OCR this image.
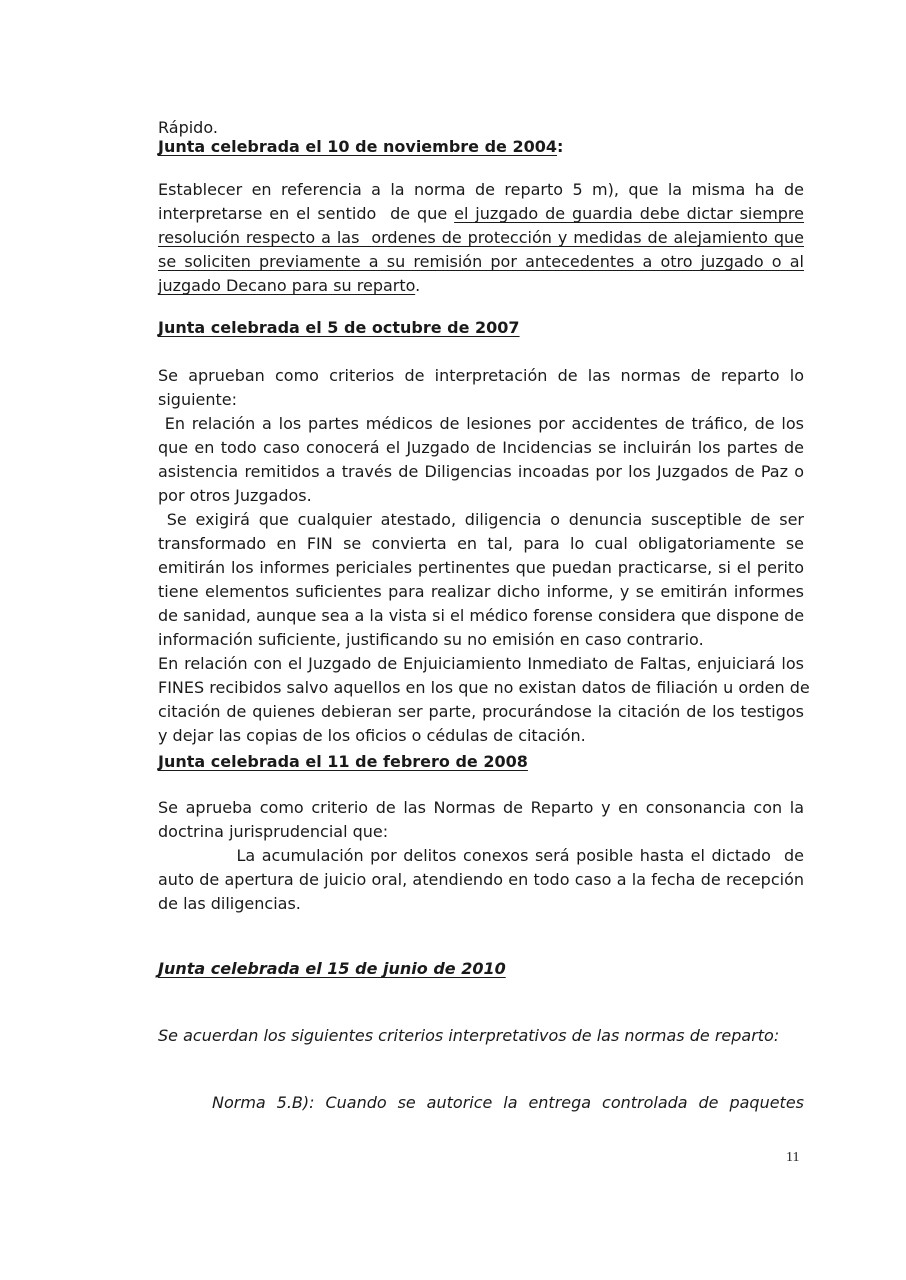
Rápido.
Junta celebrada el 10 de noviembre de 2004:
Establecer en referencia a la norma de reparto 5 m), que la misma ha de
interpretarse en el sentido  de que el juzgado de guardia debe dictar siempre
resolución respecto a las  ordenes de protección y medidas de alejamiento que
se soliciten previamente a su remisión por antecedentes a otro juzgado o al
juzgado Decano para su reparto.
Junta celebrada el 5 de octubre de 2007
Se aprueban como criterios de interpretación de las normas de reparto lo
siguiente:
En relación a los partes médicos de lesiones por accidentes de tráfico, de los
que en todo caso conocerá el Juzgado de Incidencias se incluirán los partes de
asistencia remitidos a través de Diligencias incoadas por los Juzgados de Paz o
por otros Juzgados.
Se exigirá que cualquier atestado, diligencia o denuncia susceptible de ser
transformado en FIN se convierta en tal, para lo cual obligatoriamente se
emitirán los informes periciales pertinentes que puedan practicarse, si el perito
tiene elementos suficientes para realizar dicho informe, y se emitirán informes
de sanidad, aunque sea a la vista si el médico forense considera que dispone de
información suficiente, justificando su no emisión en caso contrario.
En relación con el Juzgado de Enjuiciamiento Inmediato de Faltas, enjuiciará los
FINES recibidos salvo aquellos en los que no existan datos de filiación u orden de
citación de quienes debieran ser parte, procurándose la citación de los testigos
y dejar las copias de los oficios o cédulas de citación.
Junta celebrada el 11 de febrero de 2008
Se aprueba como criterio de las Normas de Reparto y en consonancia con la
doctrina jurisprudencial que:
La acumulación por delitos conexos será posible hasta el dictado  de
auto de apertura de juicio oral, atendiendo en todo caso a la fecha de recepción
de las diligencias.
Junta celebrada el 15 de junio de 2010
Se acuerdan los siguientes criterios interpretativos de las normas de reparto:
Norma 5.B): Cuando se autorice la entrega controlada de paquetes
11
